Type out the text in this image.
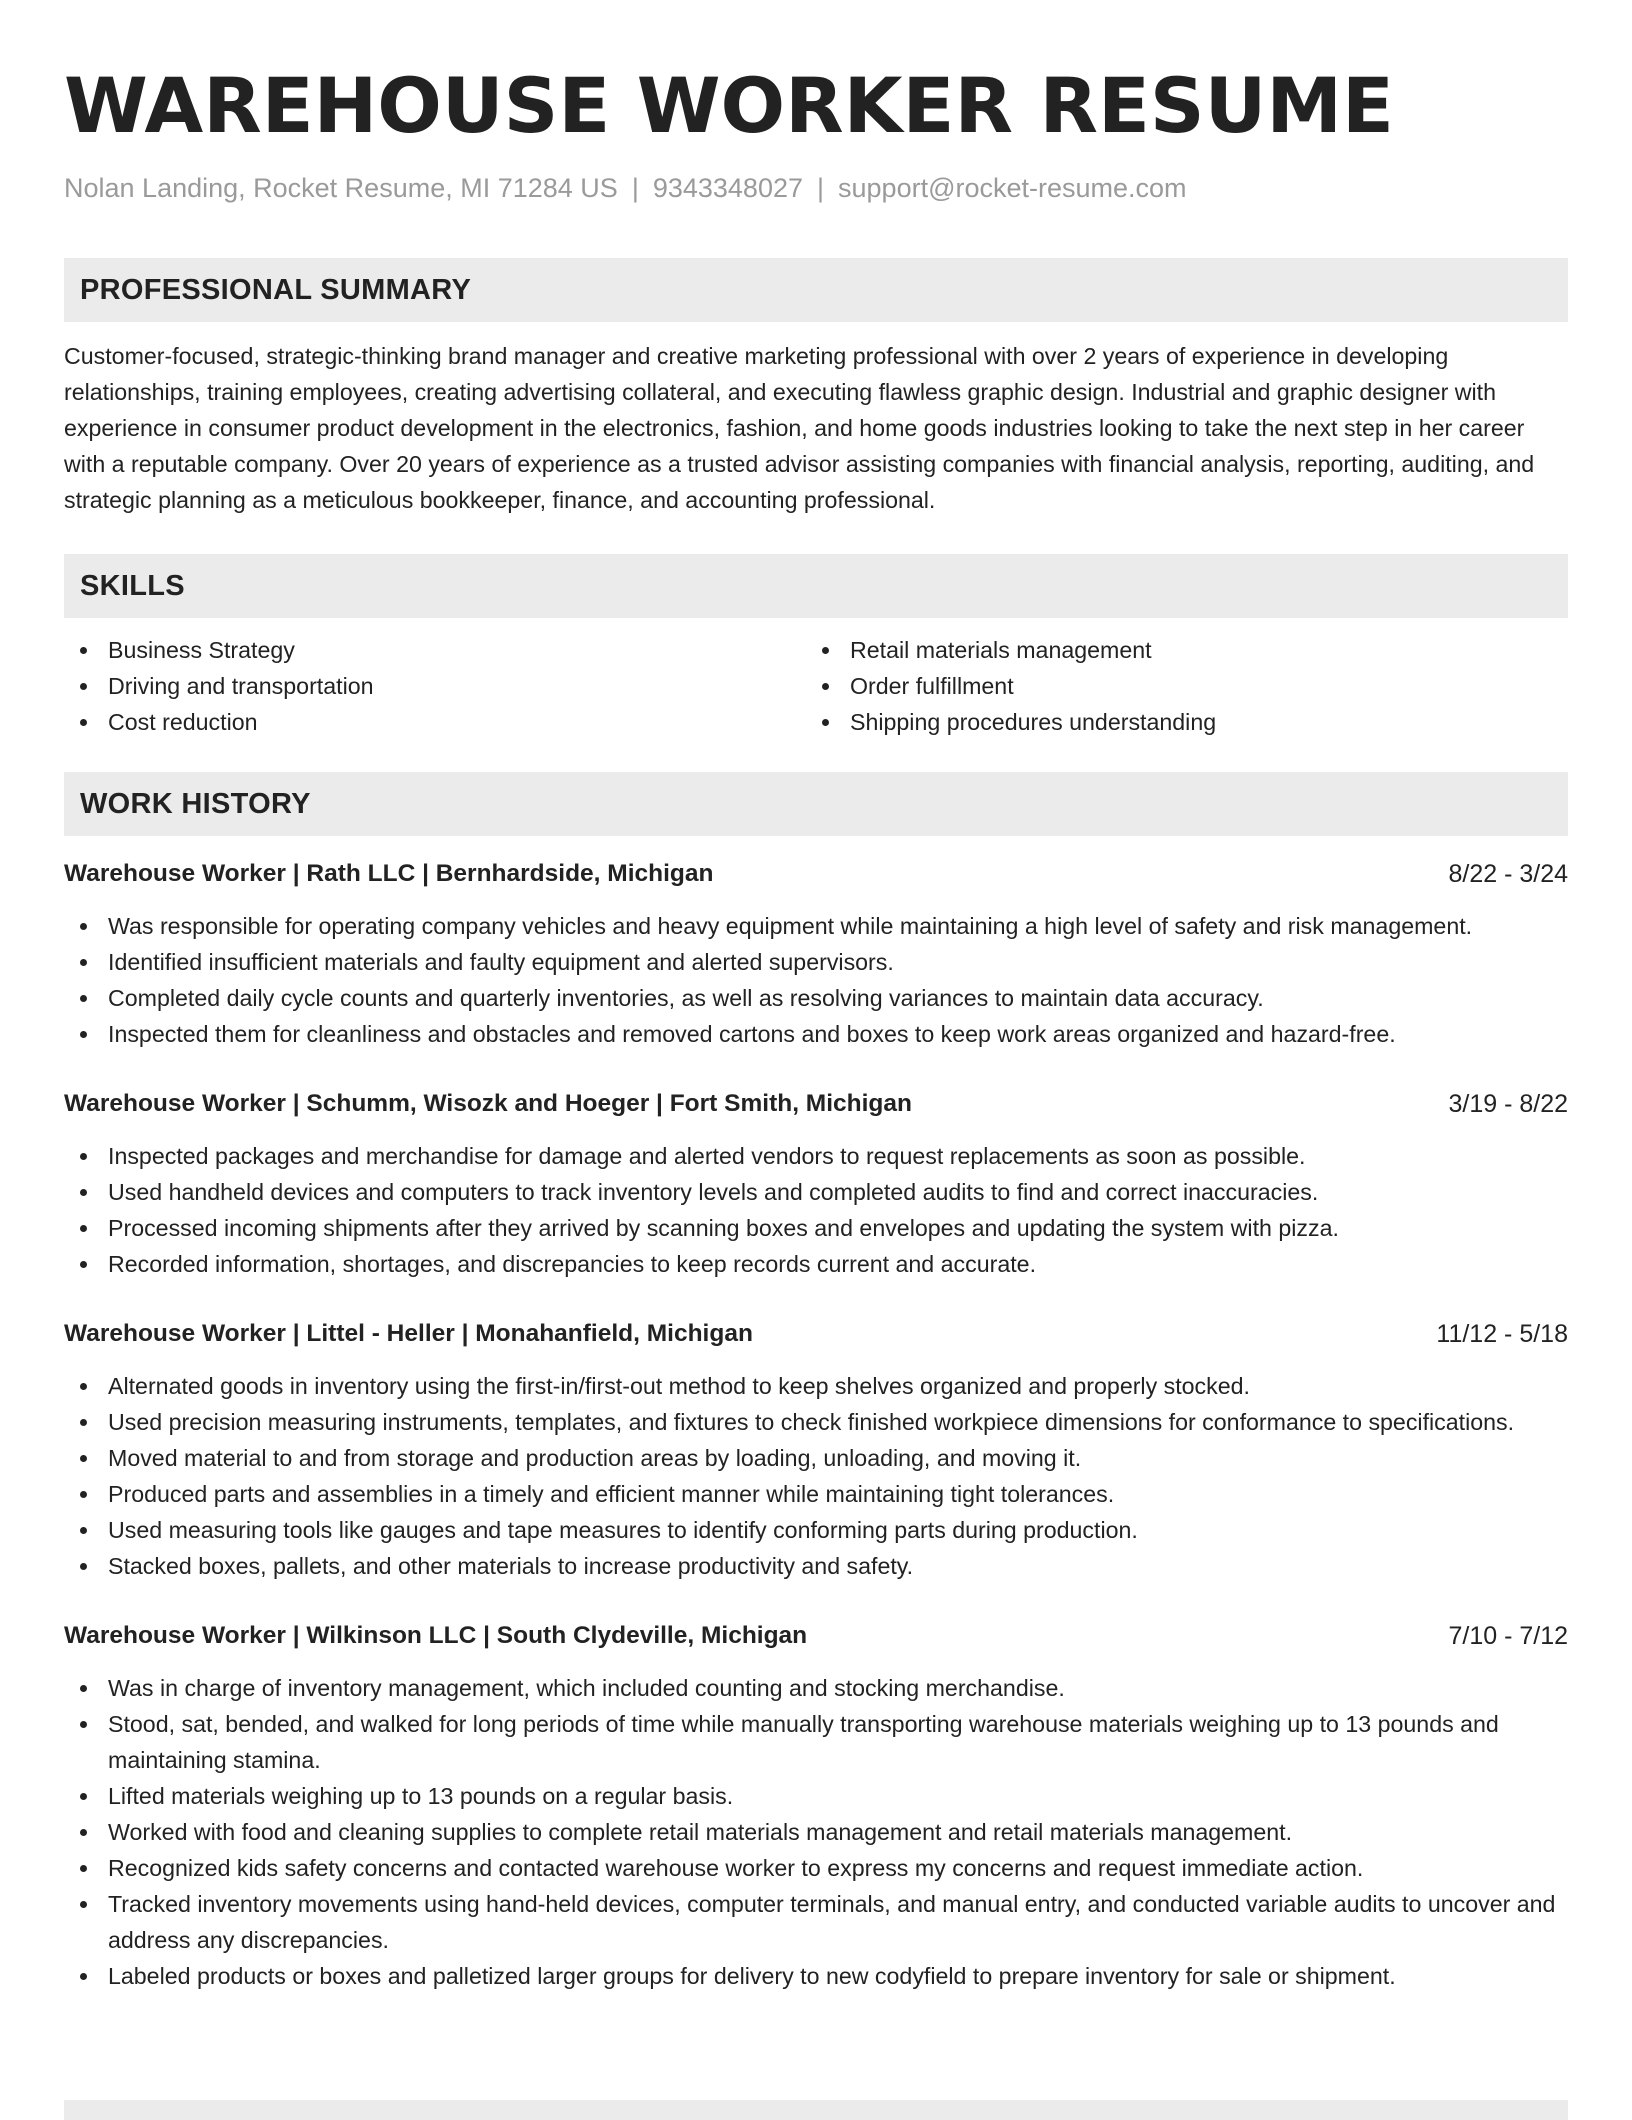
WAREHOUSE WORKER RESUME
Nolan Landing, Rocket Resume, MI 71284 US | 9343348027 | support@rocket-resume.com
PROFESSIONAL SUMMARY
Customer-focused, strategic-thinking brand manager and creative marketing professional with over 2 years of experience in developing relationships, training employees, creating advertising collateral, and executing flawless graphic design. Industrial and graphic designer with experience in consumer product development in the electronics, fashion, and home goods industries looking to take the next step in her career with a reputable company. Over 20 years of experience as a trusted advisor assisting companies with financial analysis, reporting, auditing, and strategic planning as a meticulous bookkeeper, finance, and accounting professional.
SKILLS
Business Strategy
Driving and transportation
Cost reduction
Retail materials management
Order fulfillment
Shipping procedures understanding
WORK HISTORY
Warehouse Worker | Rath LLC | Bernhardside, Michigan	8/22 - 3/24
Was responsible for operating company vehicles and heavy equipment while maintaining a high level of safety and risk management.
Identified insufficient materials and faulty equipment and alerted supervisors.
Completed daily cycle counts and quarterly inventories, as well as resolving variances to maintain data accuracy.
Inspected them for cleanliness and obstacles and removed cartons and boxes to keep work areas organized and hazard-free.
Warehouse Worker | Schumm, Wisozk and Hoeger | Fort Smith, Michigan	3/19 - 8/22
Inspected packages and merchandise for damage and alerted vendors to request replacements as soon as possible.
Used handheld devices and computers to track inventory levels and completed audits to find and correct inaccuracies.
Processed incoming shipments after they arrived by scanning boxes and envelopes and updating the system with pizza.
Recorded information, shortages, and discrepancies to keep records current and accurate.
Warehouse Worker | Littel - Heller | Monahanfield, Michigan	11/12 - 5/18
Alternated goods in inventory using the first-in/first-out method to keep shelves organized and properly stocked.
Used precision measuring instruments, templates, and fixtures to check finished workpiece dimensions for conformance to specifications.
Moved material to and from storage and production areas by loading, unloading, and moving it.
Produced parts and assemblies in a timely and efficient manner while maintaining tight tolerances.
Used measuring tools like gauges and tape measures to identify conforming parts during production.
Stacked boxes, pallets, and other materials to increase productivity and safety.
Warehouse Worker | Wilkinson LLC | South Clydeville, Michigan	7/10 - 7/12
Was in charge of inventory management, which included counting and stocking merchandise.
Stood, sat, bended, and walked for long periods of time while manually transporting warehouse materials weighing up to 13 pounds and maintaining stamina.
Lifted materials weighing up to 13 pounds on a regular basis.
Worked with food and cleaning supplies to complete retail materials management and retail materials management.
Recognized kids safety concerns and contacted warehouse worker to express my concerns and request immediate action.
Tracked inventory movements using hand-held devices, computer terminals, and manual entry, and conducted variable audits to uncover and address any discrepancies.
Labeled products or boxes and palletized larger groups for delivery to new codyfield to prepare inventory for sale or shipment.
